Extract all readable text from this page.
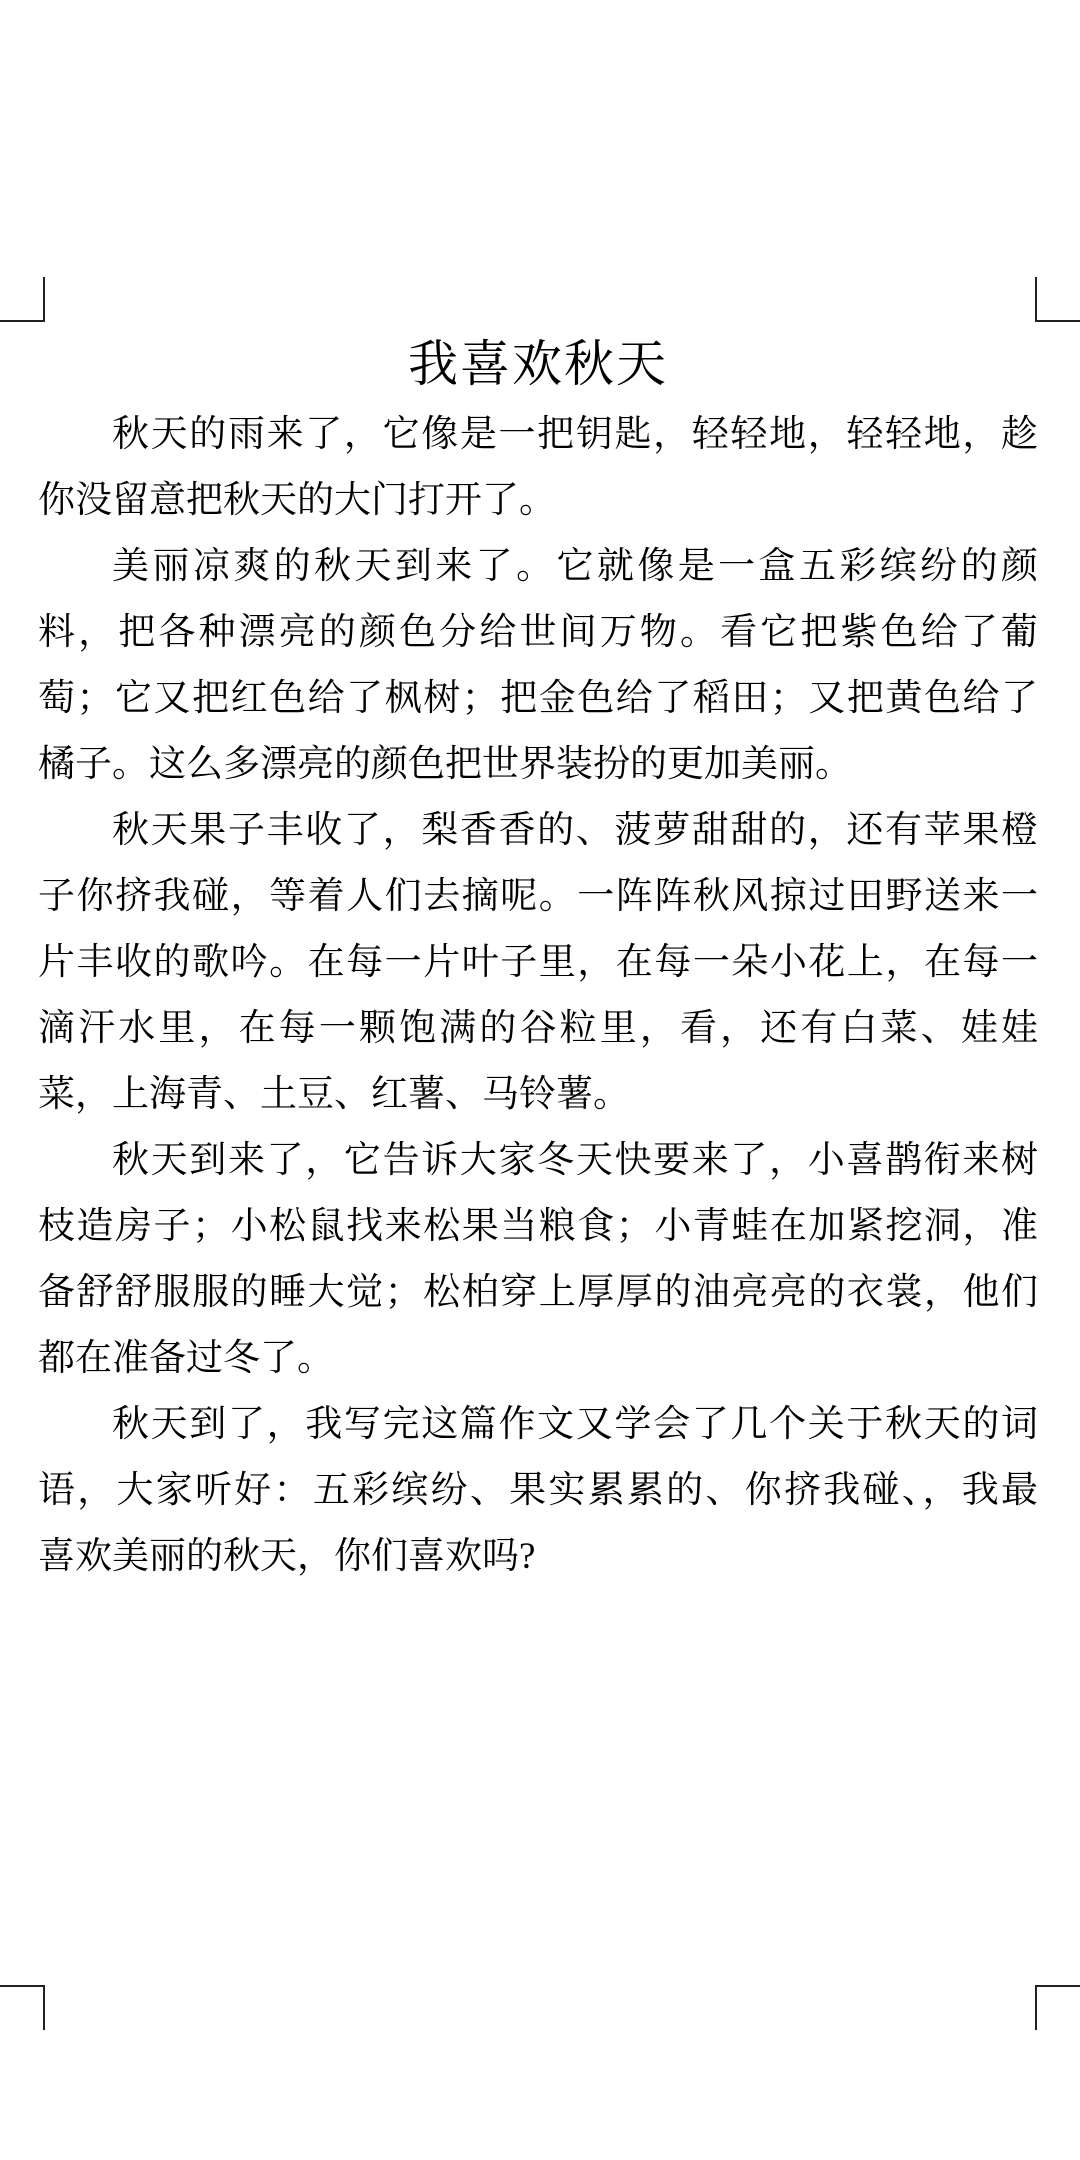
我喜欢秋天

秋天的雨来了，它像是一把钥匙，轻轻地，轻轻地，趁

你没留意把秋天的大门打开了。

美丽凉爽的秋天到来了。它就像是一盒五彩缤纷的颜

料，把各种漂亮的颜色分给世间万物。看它把紫色给了葡

萄；它又把红色给了枫树；把金色给了稻田；又把黄色给了

橘子。这么多漂亮的颜色把世界装扮的更加美丽。

秋天果子丰收了，梨香香的、菠萝甜甜的，还有苹果橙

子你挤我碰，等着人们去摘呢。一阵阵秋风掠过田野送来一

片丰收的歌吟。在每一片叶子里，在每一朵小花上，在每一

滴汗水里，在每一颗饱满的谷粒里，看，还有白菜、娃娃

菜，上海青、土豆、红薯、马铃薯。

秋天到来了，它告诉大家冬天快要来了，小喜鹊衔来树

枝造房子；小松鼠找来松果当粮食；小青蛙在加紧挖洞，准

备舒舒服服的睡大觉；松柏穿上厚厚的油亮亮的衣裳，他们

都在准备过冬了。

秋天到了，我写完这篇作文又学会了几个关于秋天的词

语，大家听好：五彩缤纷、果实累累的、你挤我碰、，我最

喜欢美丽的秋天，你们喜欢吗?
